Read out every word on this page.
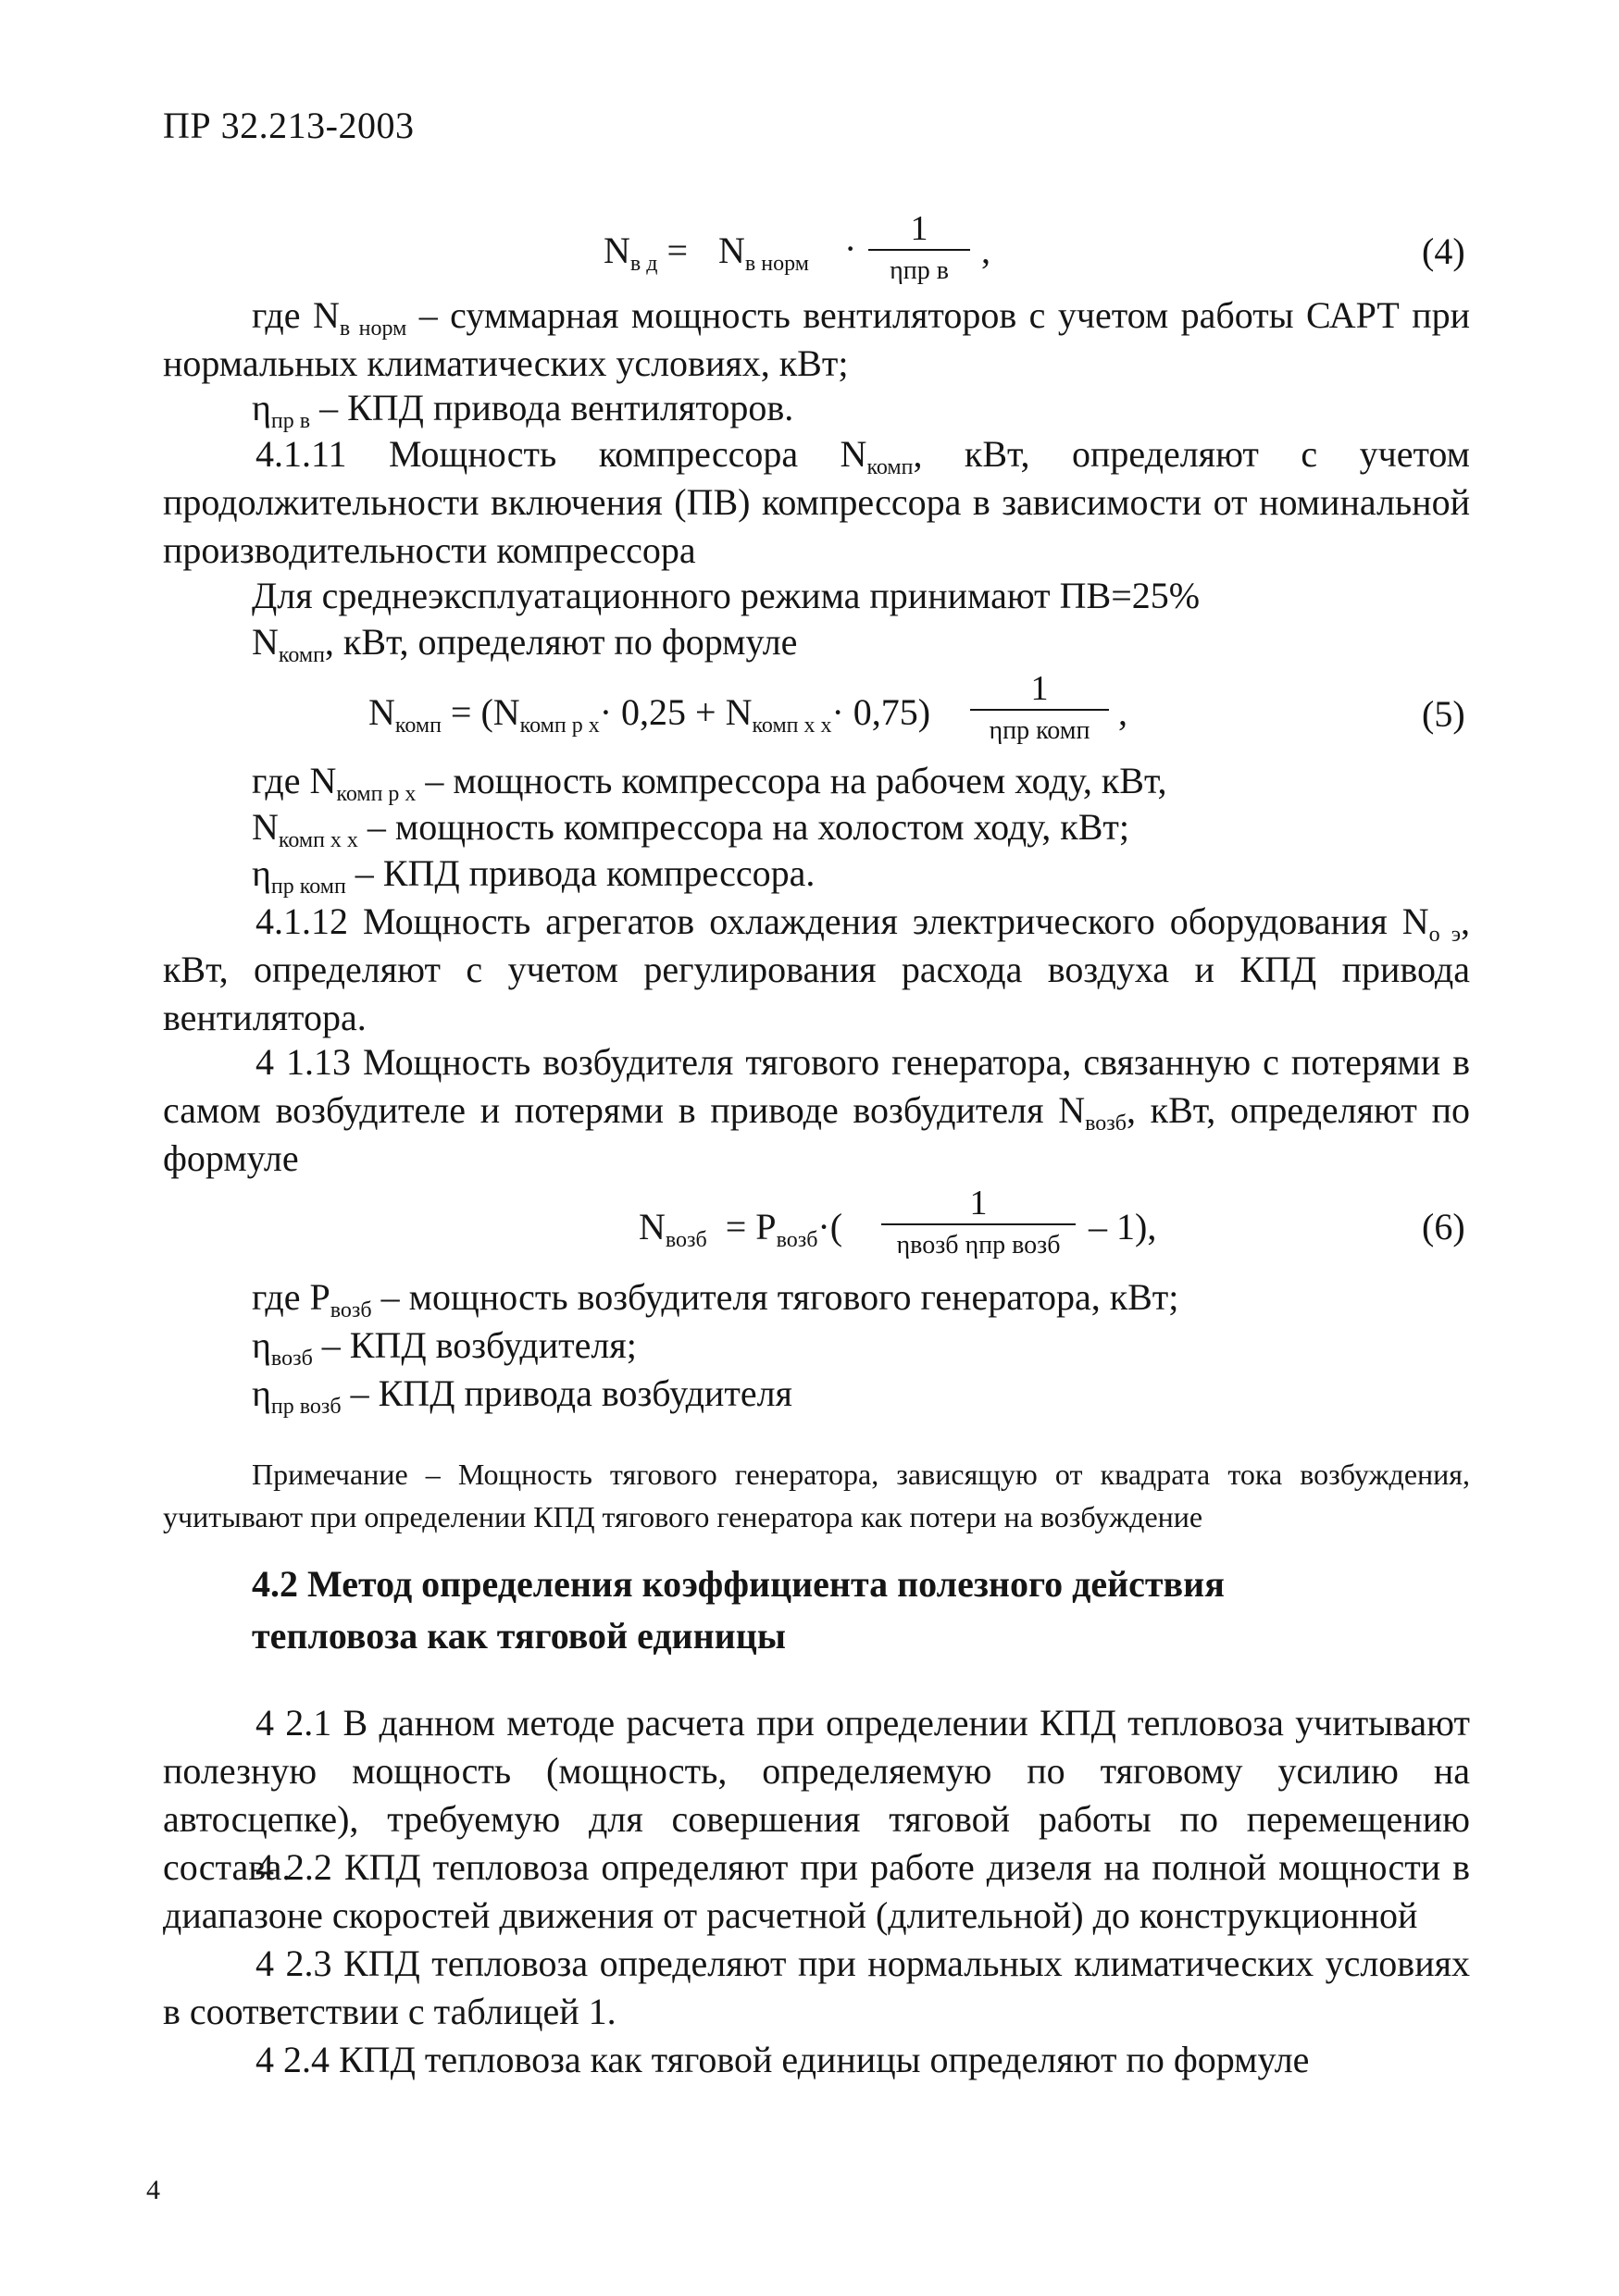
ПР 32.213-2003
$N_{в д} = N_{в норм}$ ·	1
ηпр в ,	(4)
где $N_{в норм}$ – суммарная мощность вентиляторов с учетом работы САРТ при нормальных климатических условиях, кВт;
$\eta_{пр в}$ – КПД привода вентиляторов.

4.1.11 Мощность компрессора $N_{комп}$, кВт, определяют с учетом продолжительности включения (ПВ) компрессора в зависимости от номинальной производительности компрессора

Для среднеэксплуатационного режима принимают ПВ=25%
$N_{комп}$, кВт, определяют по формуле
$N_{комп} = (N_{комп р х}\cdot 0,25 + N_{комп х х}\cdot 0,75)$
1
ηпр комп ,	(5)
где $N_{комп р х}$ – мощность компрессора на рабочем ходу, кВт,
$N_{комп х х}$ – мощность компрессора на холостом ходу, кВт;
$\eta_{пр комп}$ – КПД привода компрессора.

4.1.12 Мощность агрегатов охлаждения электрического оборудования $N_{о э}$, кВт, определяют с учетом регулирования расхода воздуха и КПД привода вентилятора.

4 1.13 Мощность возбудителя тягового генератора, связанную с потерями в самом возбудителе и потерями в приводе возбудителя $N_{возб}$, кВт, определяют по формуле

$N_{возб} = P_{возб}\cdot$(
1
ηвозб ηпр возб – 1),	(6)
где $P_{возб}$ – мощность возбудителя тягового генератора, кВт;
$\eta_{возб}$ – КПД возбудителя;
$\eta_{пр возб}$ – КПД привода возбудителя
Примечание – Мощность тягового генератора, зависящую от квадрата тока возбуждения, учитывают при определении КПД тягового генератора как потери на возбуждение
4.2 Метод определения коэффициента полезного действия
тепловоза как тяговой единицы

4 2.1 В данном методе расчета при определении КПД тепловоза учитывают полезную мощность (мощность, определяемую по тяговому усилию на автосцепке), требуемую для совершения тяговой работы по перемещению состава.

4 2.2 КПД тепловоза определяют при работе дизеля на полной мощности в диапазоне скоростей движения от расчетной (длительной) до конструкционной

4 2.3 КПД тепловоза определяют при нормальных климатических условиях в соответствии с таблицей 1.

4 2.4 КПД тепловоза как тяговой единицы определяют по формуле

4
